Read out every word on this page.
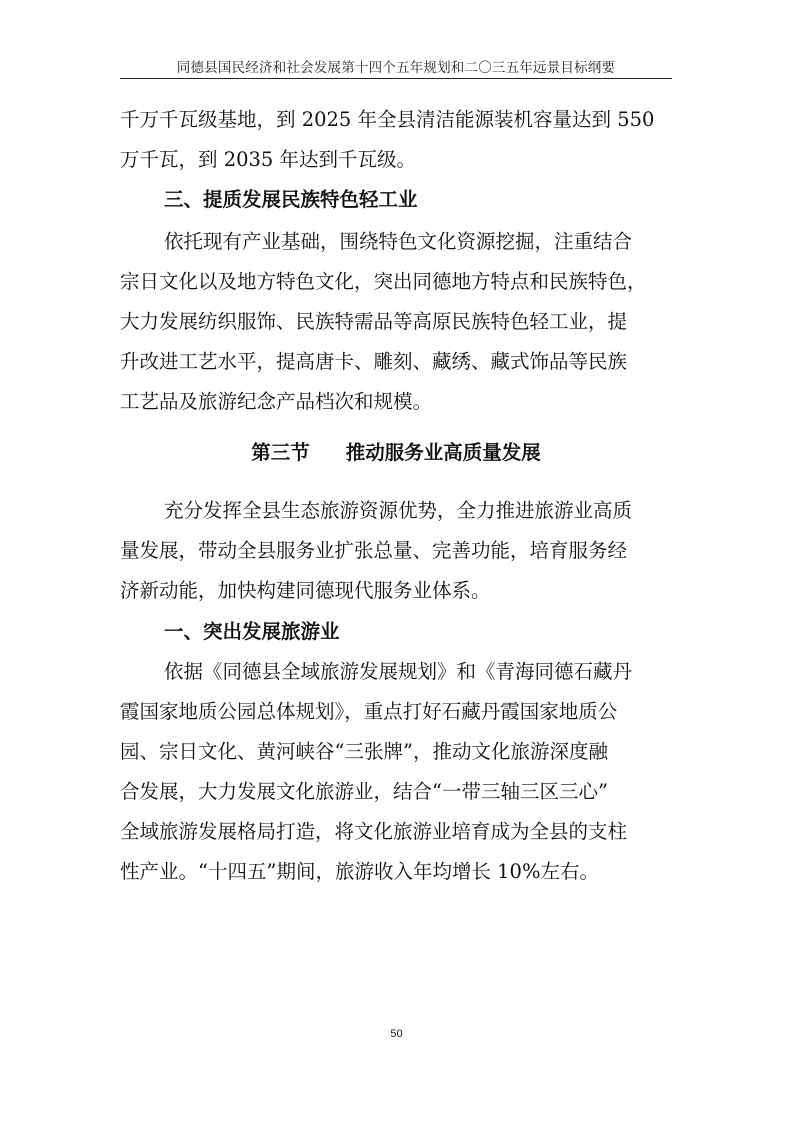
同德县国民经济和社会发展第十四个五年规划和二〇三五年远景目标纲要
千万千瓦级基地，到 2025 年全县清洁能源装机容量达到 550
万千瓦，到 2035 年达到千瓦级。
三、提质发展民族特色轻工业
依托现有产业基础，围绕特色文化资源挖掘，注重结合
宗日文化以及地方特色文化，突出同德地方特点和民族特色，
大力发展纺织服饰、民族特需品等高原民族特色轻工业，提
升改进工艺水平，提高唐卡、雕刻、藏绣、藏式饰品等民族
工艺品及旅游纪念产品档次和规模。
第三节 推动服务业高质量发展
充分发挥全县生态旅游资源优势，全力推进旅游业高质
量发展，带动全县服务业扩张总量、完善功能，培育服务经
济新动能，加快构建同德现代服务业体系。
一、突出发展旅游业
依据《同德县全域旅游发展规划》和《青海同德石藏丹
霞国家地质公园总体规划》，重点打好石藏丹霞国家地质公
园、宗日文化、黄河峡谷“三张牌”，推动文化旅游深度融
合发展，大力发展文化旅游业，结合“一带三轴三区三心”
全域旅游发展格局打造，将文化旅游业培育成为全县的支柱
性产业。“十四五”期间，旅游收入年均增长 10%左右。
50
